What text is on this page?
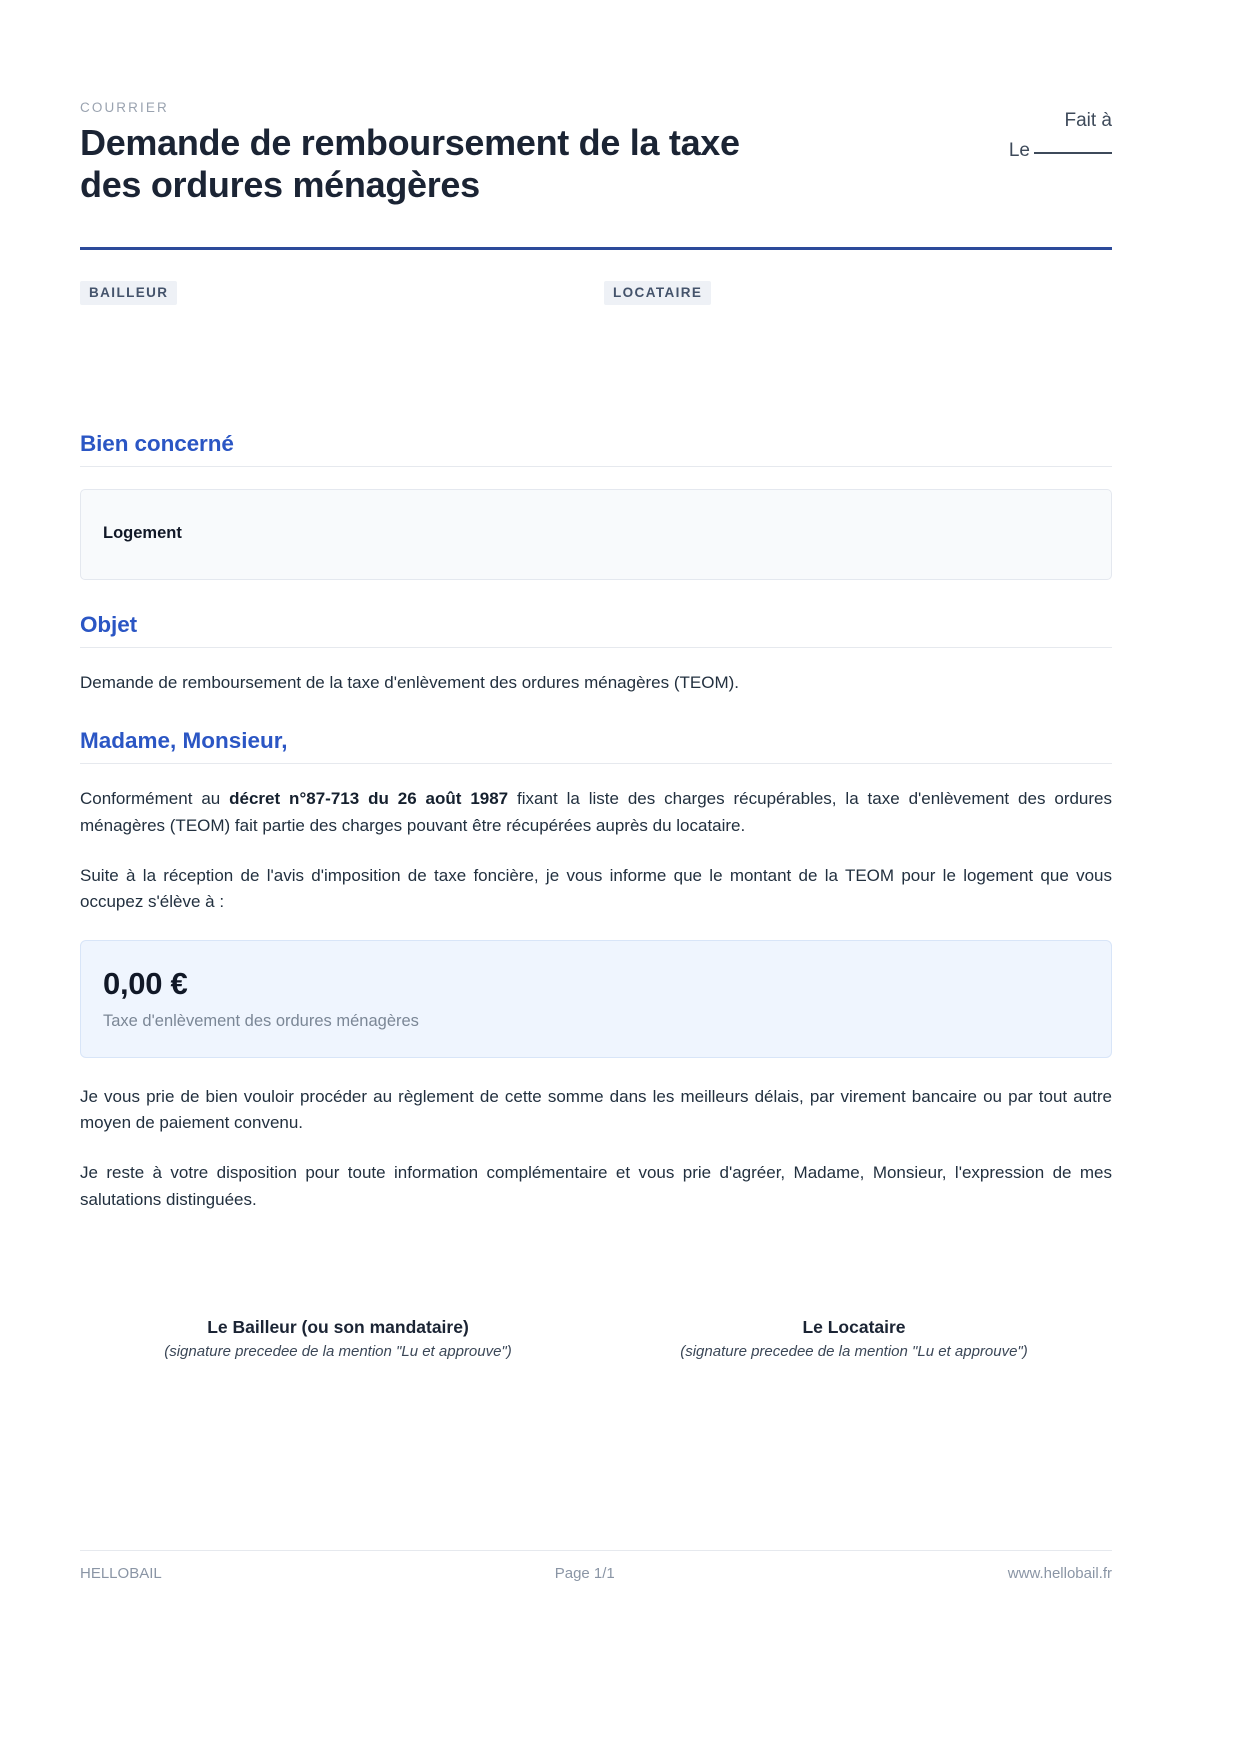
COURRIER
Demande de remboursement de la taxe des ordures ménagères
Fait à
Le
BAILLEUR	LOCATAIRE
Bien concerné
Logement
Objet

Demande de remboursement de la taxe d'enlèvement des ordures ménagères (TEOM).

Madame, Monsieur,

Conformément au décret n°87-713 du 26 août 1987 fixant la liste des charges récupérables, la taxe d'enlèvement des ordures ménagères (TEOM) fait partie des charges pouvant être récupérées auprès du locataire.

Suite à la réception de l'avis d'imposition de taxe foncière, je vous informe que le montant de la TEOM pour le logement que vous occupez s'élève à :

0,00 €
Taxe d'enlèvement des ordures ménagères

Je vous prie de bien vouloir procéder au règlement de cette somme dans les meilleurs délais, par virement bancaire ou par tout autre moyen de paiement convenu.

Je reste à votre disposition pour toute information complémentaire et vous prie d'agréer, Madame, Monsieur, l'expression de mes salutations distinguées.

Le Bailleur (ou son mandataire)
(signature precedee de la mention "Lu et approuve")
Le Locataire
(signature precedee de la mention "Lu et approuve")
HELLOBAIL	Page 1/1	www.hellobail.fr
